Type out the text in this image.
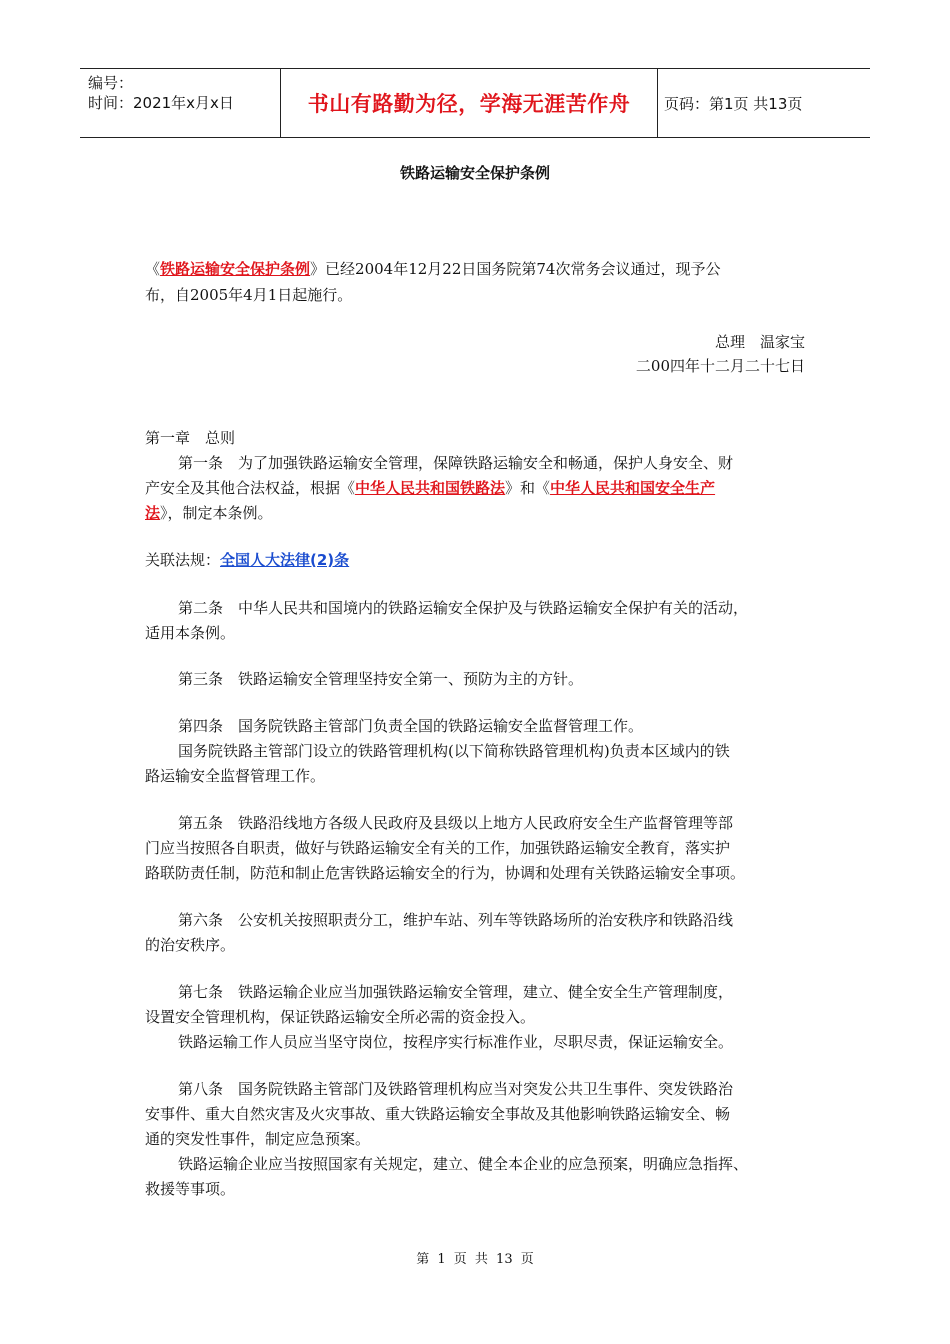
编号：
时间：2021年x月x日	书山有路勤为径，学海无涯苦作舟	页码：第1页 共13页
铁路运输安全保护条例
《铁路运输安全保护条例》已经2004年12月22日国务院第74次常务会议通过，现予公
布，自2005年4月1日起施行。
总理　温家宝
二00四年十二月二十七日
第一章　总则
第一条　为了加强铁路运输安全管理，保障铁路运输安全和畅通，保护人身安全、财
产安全及其他合法权益，根据《中华人民共和国铁路法》和《中华人民共和国安全生产
法》，制定本条例。
关联法规：全国人大法律(2)条
第二条　中华人民共和国境内的铁路运输安全保护及与铁路运输安全保护有关的活动，
适用本条例。
第三条　铁路运输安全管理坚持安全第一、预防为主的方针。
第四条　国务院铁路主管部门负责全国的铁路运输安全监督管理工作。
国务院铁路主管部门设立的铁路管理机构(以下简称铁路管理机构)负责本区域内的铁
路运输安全监督管理工作。
第五条　铁路沿线地方各级人民政府及县级以上地方人民政府安全生产监督管理等部
门应当按照各自职责，做好与铁路运输安全有关的工作，加强铁路运输安全教育，落实护
路联防责任制，防范和制止危害铁路运输安全的行为，协调和处理有关铁路运输安全事项。
第六条　公安机关按照职责分工，维护车站、列车等铁路场所的治安秩序和铁路沿线
的治安秩序。
第七条　铁路运输企业应当加强铁路运输安全管理，建立、健全安全生产管理制度，
设置安全管理机构，保证铁路运输安全所必需的资金投入。
铁路运输工作人员应当坚守岗位，按程序实行标准作业，尽职尽责，保证运输安全。
第八条　国务院铁路主管部门及铁路管理机构应当对突发公共卫生事件、突发铁路治
安事件、重大自然灾害及火灾事故、重大铁路运输安全事故及其他影响铁路运输安全、畅
通的突发性事件，制定应急预案。
铁路运输企业应当按照国家有关规定，建立、健全本企业的应急预案，明确应急指挥、
救援等事项。
第 1 页 共 13 页
